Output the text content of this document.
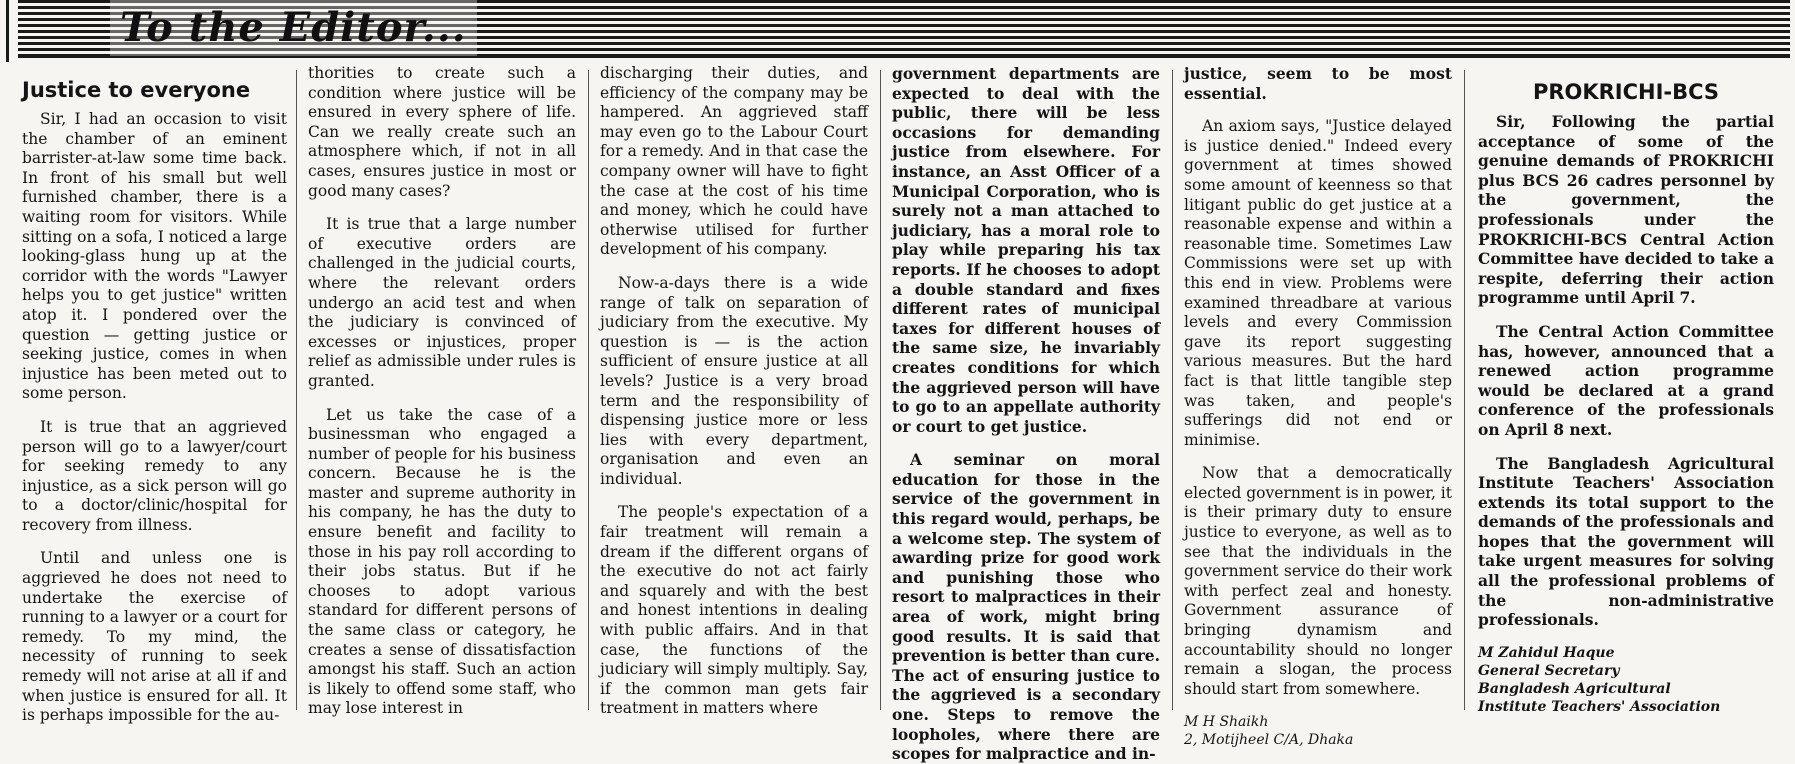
To the Editor...
Justice to everyone

Sir, I had an occasion to visit the chamber of an eminent barrister-at-law some time back. In front of his small but well furnished chamber, there is a waiting room for visitors. While sitting on a sofa, I noticed a large looking-glass hung up at the corridor with the words "Lawyer helps you to get justice" written atop it. I pondered over the question — getting justice or seeking justice, comes in when injustice has been meted out to some person.

It is true that an aggrieved person will go to a lawyer/court for seeking remedy to any injustice, as a sick person will go to a doctor/clinic/hospital for recovery from illness.

Until and unless one is aggrieved he does not need to undertake the exercise of running to a lawyer or a court for remedy. To my mind, the necessity of running to seek remedy will not arise at all if and when justice is ensured for all. It is perhaps impossible for the au-

thorities to create such a condition where justice will be ensured in every sphere of life. Can we really create such an atmosphere which, if not in all cases, ensures justice in most or good many cases?

It is true that a large number of executive orders are challenged in the judicial courts, where the relevant orders undergo an acid test and when the judiciary is convinced of excesses or injustices, proper relief as admissible under rules is granted.

Let us take the case of a businessman who engaged a number of people for his business concern. Because he is the master and supreme authority in his company, he has the duty to ensure benefit and facility to those in his pay roll according to their jobs status. But if he chooses to adopt various standard for different persons of the same class or category, he creates a sense of dissatisfaction amongst his staff. Such an action is likely to offend some staff, who may lose interest in

discharging their duties, and efficiency of the company may be hampered. An aggrieved staff may even go to the Labour Court for a remedy. And in that case the company owner will have to fight the case at the cost of his time and money, which he could have otherwise utilised for further development of his company.

Now-a-days there is a wide range of talk on separation of judiciary from the executive. My question is — is the action sufficient of ensure justice at all levels? Justice is a very broad term and the responsibility of dispensing justice more or less lies with every department, organisation and even an individual.

The people's expectation of a fair treatment will remain a dream if the different organs of the executive do not act fairly and squarely and with the best and honest intentions in dealing with public affairs. And in that case, the functions of the judiciary will simply multiply. Say, if the common man gets fair treatment in matters where

government departments are expected to deal with the public, there will be less occasions for demanding justice from elsewhere. For instance, an Asst Officer of a Municipal Corporation, who is surely not a man attached to judiciary, has a moral role to play while preparing his tax reports. If he chooses to adopt a double standard and fixes different rates of municipal taxes for different houses of the same size, he invariably creates conditions for which the aggrieved person will have to go to an appellate authority or court to get justice.

A seminar on moral education for those in the service of the government in this regard would, perhaps, be a welcome step. The system of awarding prize for good work and punishing those who resort to malpractices in their area of work, might bring good results. It is said that prevention is better than cure. The act of ensuring justice to the aggrieved is a secondary one. Steps to remove the loopholes, where there are scopes for malpractice and in-

justice, seem to be most essential.

An axiom says, "Justice delayed is justice denied." Indeed every government at times showed some amount of keenness so that litigant public do get justice at a reasonable expense and within a reasonable time. Sometimes Law Commissions were set up with this end in view. Problems were examined threadbare at various levels and every Commission gave its report suggesting various measures. But the hard fact is that little tangible step was taken, and people's sufferings did not end or minimise.

Now that a democratically elected government is in power, it is their primary duty to ensure justice to everyone, as well as to see that the individuals in the government service do their work with perfect zeal and honesty. Government assurance of bringing dynamism and accountability should no longer remain a slogan, the process should start from somewhere.

M H Shaikh
2, Motijheel C/A, Dhaka
PROKRICHI-BCS

Sir, Following the partial acceptance of some of the genuine demands of PROKRICHI plus BCS 26 cadres personnel by the government, the professionals under the PROKRICHI-BCS Central Action Committee have decided to take a respite, deferring their action programme until April 7.

The Central Action Committee has, however, announced that a renewed action programme would be declared at a grand conference of the professionals on April 8 next.

The Bangladesh Agricultural Institute Teachers' Association extends its total support to the demands of the professionals and hopes that the government will take urgent measures for solving all the professional problems of the non-administrative professionals.

M Zahidul Haque
General Secretary
Bangladesh Agricultural
Institute Teachers' Association
